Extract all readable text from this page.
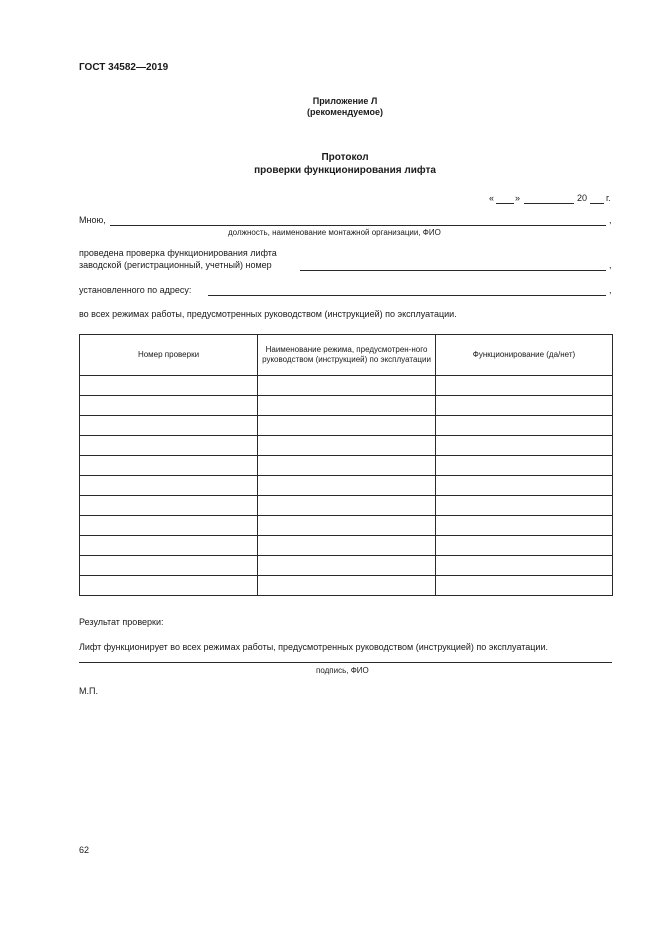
ГОСТ 34582—2019
Приложение Л
(рекомендуемое)
Протокол
проверки функционирования лифта
« »	20 г.
Мною,	,
должность, наименование монтажной организации, ФИО
проведена проверка функционирования лифта
заводской (регистрационный, учетный) номер	,
установленного по адресу:	,
во всех режимах работы, предусмотренных руководством (инструкцией) по эксплуатации.
Номер проверки	Наименование режима, предусмотрен-ного руководством (инструкцией) по эксплуатации	Функционирование (да/нет)

Результат проверки:
Лифт функционирует во всех режимах работы, предусмотренных руководством (инструкцией) по эксплуатации.
подпись, ФИО
М.П.
62
